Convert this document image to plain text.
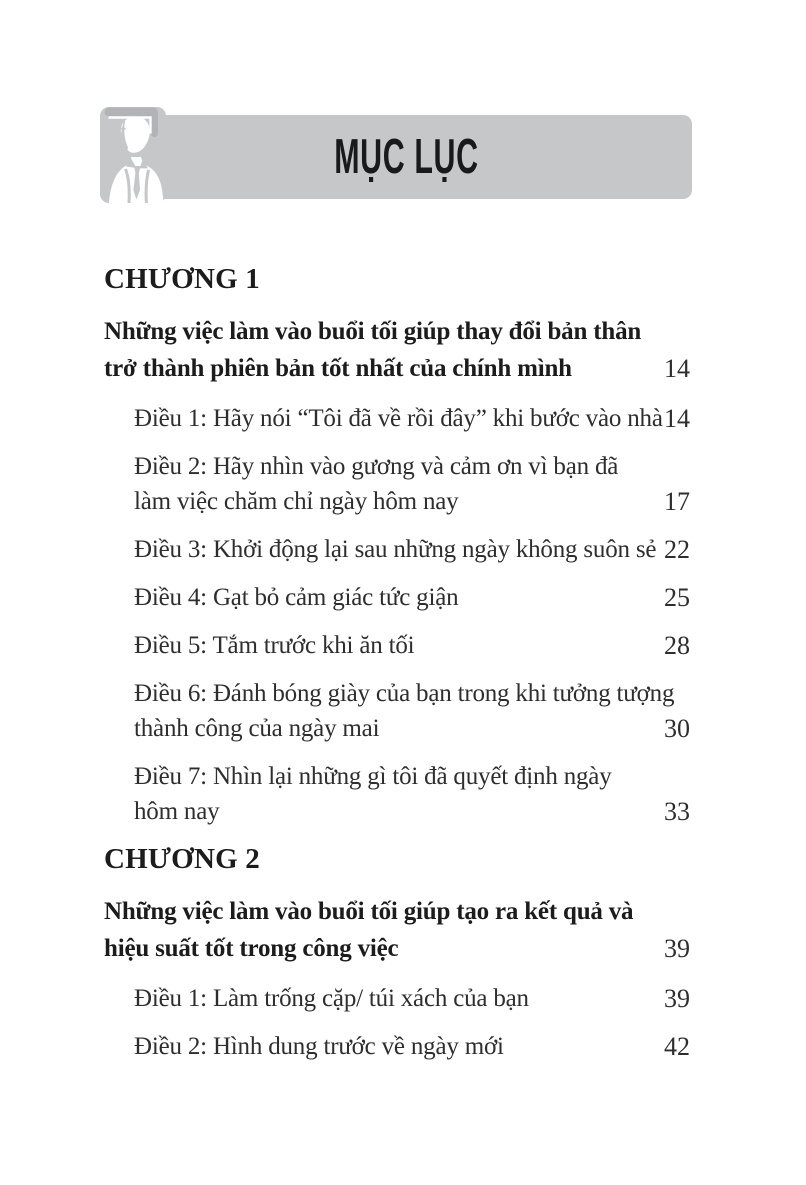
MỤC LỤC
CHƯƠNG 1
Những việc làm vào buổi tối giúp thay đổi bản thân
trở thành phiên bản tốt nhất của chính mình	14
Điều 1: Hãy nói “Tôi đã về rồi đây” khi bước vào nhà 14
Điều 2: Hãy nhìn vào gương và cảm ơn vì bạn đã
làm việc chăm chỉ ngày hôm nay	17
Điều 3: Khởi động lại sau những ngày không suôn sẻ 22
Điều 4: Gạt bỏ cảm giác tức giận	25
Điều 5: Tắm trước khi ăn tối	28
Điều 6: Đánh bóng giày của bạn trong khi tưởng tượng
thành công của ngày mai	30
Điều 7: Nhìn lại những gì tôi đã quyết định ngày
hôm nay	33
CHƯƠNG 2
Những việc làm vào buổi tối giúp tạo ra kết quả và
hiệu suất tốt trong công việc	39
Điều 1: Làm trống cặp/ túi xách của bạn	39
Điều 2: Hình dung trước về ngày mới	42
